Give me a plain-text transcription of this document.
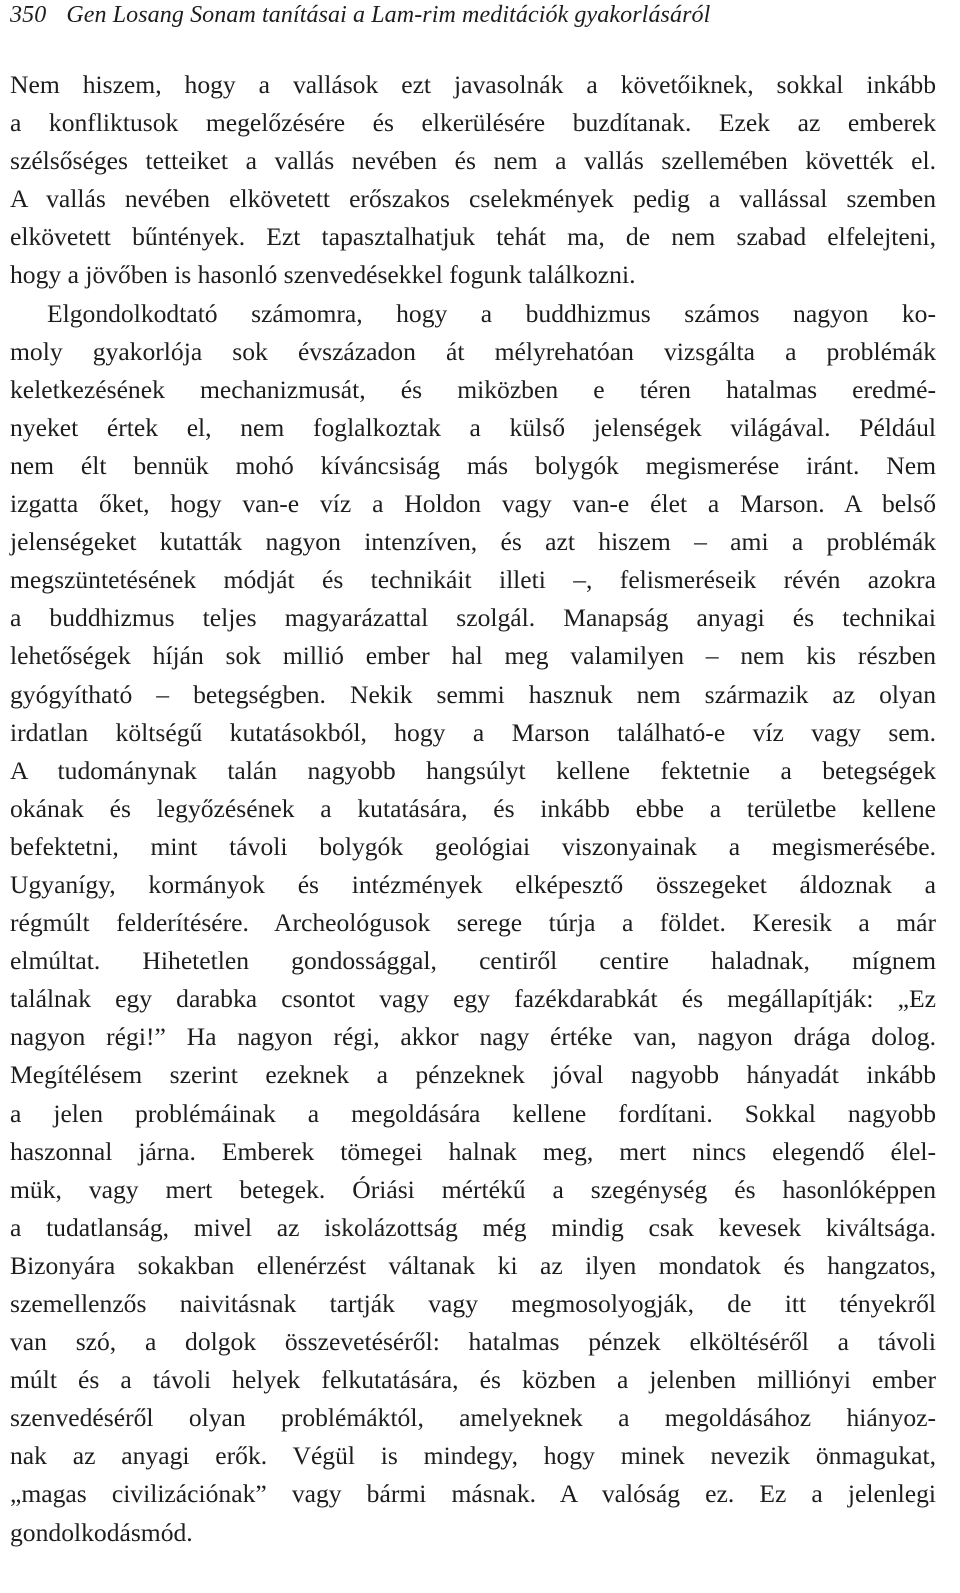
350 Gen Losang Sonam tanításai a Lam-rim meditációk gyakorlásáról
Nem hiszem, hogy a vallások ezt javasolnák a követőiknek, sokkal inkább
a konfliktusok megelőzésére és elkerülésére buzdítanak. Ezek az emberek
szélsőséges tetteiket a vallás nevében és nem a vallás szellemében követték el.
A vallás nevében elkövetett erőszakos cselekmények pedig a vallással szemben
elkövetett bűntények. Ezt tapasztalhatjuk tehát ma, de nem szabad elfelejteni,
hogy a jövőben is hasonló szenvedésekkel fogunk találkozni.
Elgondolkodtató számomra, hogy a buddhizmus számos nagyon ko-
moly gyakorlója sok évszázadon át mélyrehatóan vizsgálta a problémák
keletkezésének mechanizmusát, és miközben e téren hatalmas eredmé-
nyeket értek el, nem foglalkoztak a külső jelenségek világával. Például
nem élt bennük mohó kíváncsiság más bolygók megismerése iránt. Nem
izgatta őket, hogy van-e víz a Holdon vagy van-e élet a Marson. A belső
jelenségeket kutatták nagyon intenzíven, és azt hiszem – ami a problémák
megszüntetésének módját és technikáit illeti –, felismeréseik révén azokra
a buddhizmus teljes magyarázattal szolgál. Manapság anyagi és technikai
lehetőségek híján sok millió ember hal meg valamilyen – nem kis részben
gyógyítható – betegségben. Nekik semmi hasznuk nem származik az olyan
irdatlan költségű kutatásokból, hogy a Marson található-e víz vagy sem.
A tudománynak talán nagyobb hangsúlyt kellene fektetnie a betegségek
okának és legyőzésének a kutatására, és inkább ebbe a területbe kellene
befektetni, mint távoli bolygók geológiai viszonyainak a megismerésébe.
Ugyanígy, kormányok és intézmények elképesztő összegeket áldoznak a
régmúlt felderítésére. Archeológusok serege túrja a földet. Keresik a már
elmúltat. Hihetetlen gondossággal, centiről centire haladnak, mígnem
találnak egy darabka csontot vagy egy fazékdarabkát és megállapítják: „Ez
nagyon régi!” Ha nagyon régi, akkor nagy értéke van, nagyon drága dolog.
Megítélésem szerint ezeknek a pénzeknek jóval nagyobb hányadát inkább
a jelen problémáinak a megoldására kellene fordítani. Sokkal nagyobb
haszonnal járna. Emberek tömegei halnak meg, mert nincs elegendő élel-
mük, vagy mert betegek. Óriási mértékű a szegénység és hasonlóképpen
a tudatlanság, mivel az iskolázottság még mindig csak kevesek kiváltsága.
Bizonyára sokakban ellenérzést váltanak ki az ilyen mondatok és hangzatos,
szemellenzős naivitásnak tartják vagy megmosolyogják, de itt tényekről
van szó, a dolgok összevetéséről: hatalmas pénzek elköltéséről a távoli
múlt és a távoli helyek felkutatására, és közben a jelenben milliónyi ember
szenvedéséről olyan problémáktól, amelyeknek a megoldásához hiányoz-
nak az anyagi erők. Végül is mindegy, hogy minek nevezik önmagukat,
„magas civilizációnak” vagy bármi másnak. A valóság ez. Ez a jelenlegi
gondolkodásmód.
